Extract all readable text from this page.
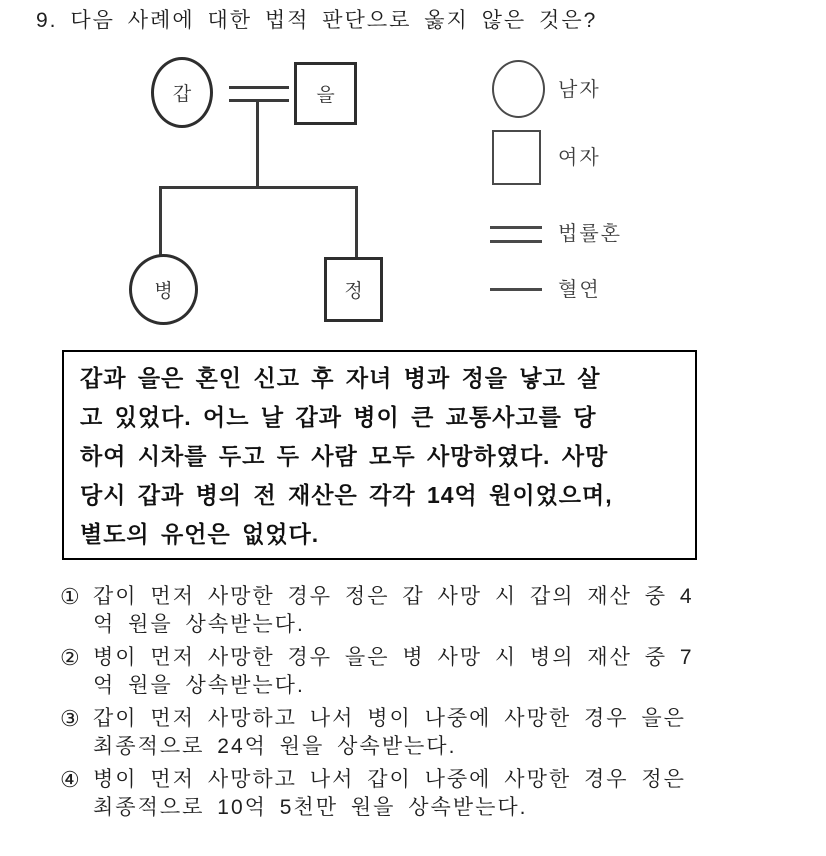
9. 다음 사례에 대한 법적 판단으로 옳지 않은 것은?
갑	을
병	정
남자
여자
법률혼
혈연
갑과 을은 혼인 신고 후 자녀 병과 정을 낳고 살
고 있었다. 어느 날 갑과 병이 큰 교통사고를 당
하여 시차를 두고 두 사람 모두 사망하였다. 사망
당시 갑과 병의 전 재산은 각각 14억 원이었으며,
별도의 유언은 없었다.
① 갑이 먼저 사망한 경우 정은 갑 사망 시 갑의 재산 중 4
억 원을 상속받는다.
② 병이 먼저 사망한 경우 을은 병 사망 시 병의 재산 중 7
억 원을 상속받는다.
③ 갑이 먼저 사망하고 나서 병이 나중에 사망한 경우 을은
최종적으로 24억 원을 상속받는다.
④ 병이 먼저 사망하고 나서 갑이 나중에 사망한 경우 정은
최종적으로 10억 5천만 원을 상속받는다.
